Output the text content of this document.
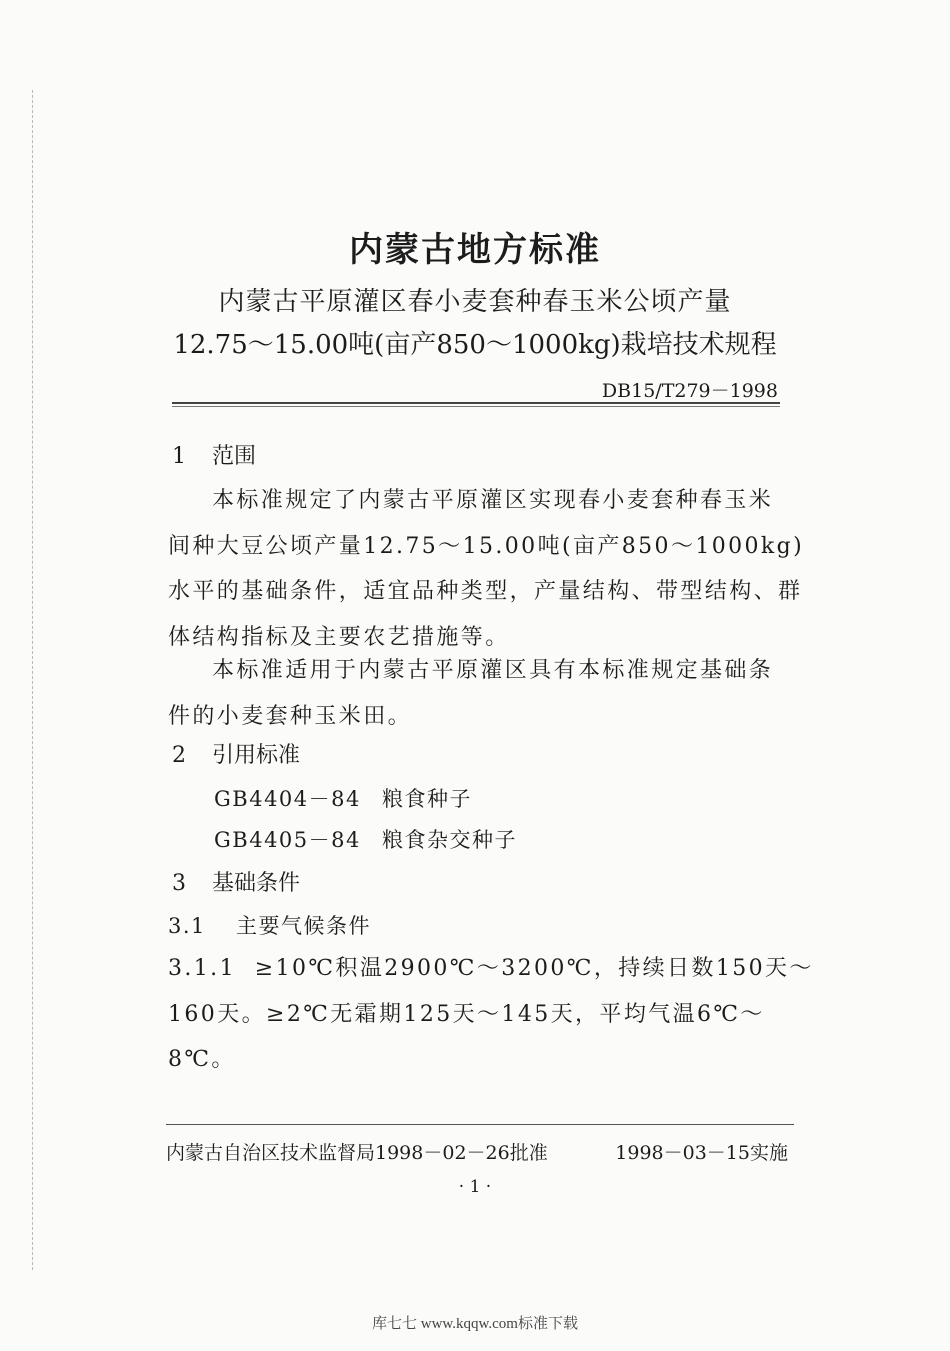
内蒙古地方标准
内蒙古平原灌区春小麦套种春玉米公顷产量
12.75～15.00吨(亩产850～1000kg)栽培技术规程
DB15/T279－1998
1 范围
本标准规定了内蒙古平原灌区实现春小麦套种春玉米
间种大豆公顷产量12.75～15.00吨(亩产850～1000kg)
水平的基础条件，适宜品种类型，产量结构、带型结构、群
体结构指标及主要农艺措施等。
本标准适用于内蒙古平原灌区具有本标准规定基础条
件的小麦套种玉米田。
2 引用标准
GB4404－84 粮食种子
GB4405－84 粮食杂交种子
3 基础条件
3.1 主要气候条件
3.1.1 ≥10℃积温2900℃～3200℃，持续日数150天～
160天。≥2℃无霜期125天～145天，平均气温6℃～
8℃。
内蒙古自治区技术监督局1998－02－26批准	1998－03－15实施
· 1 ·
库七七 www.kqqw.com标准下载
